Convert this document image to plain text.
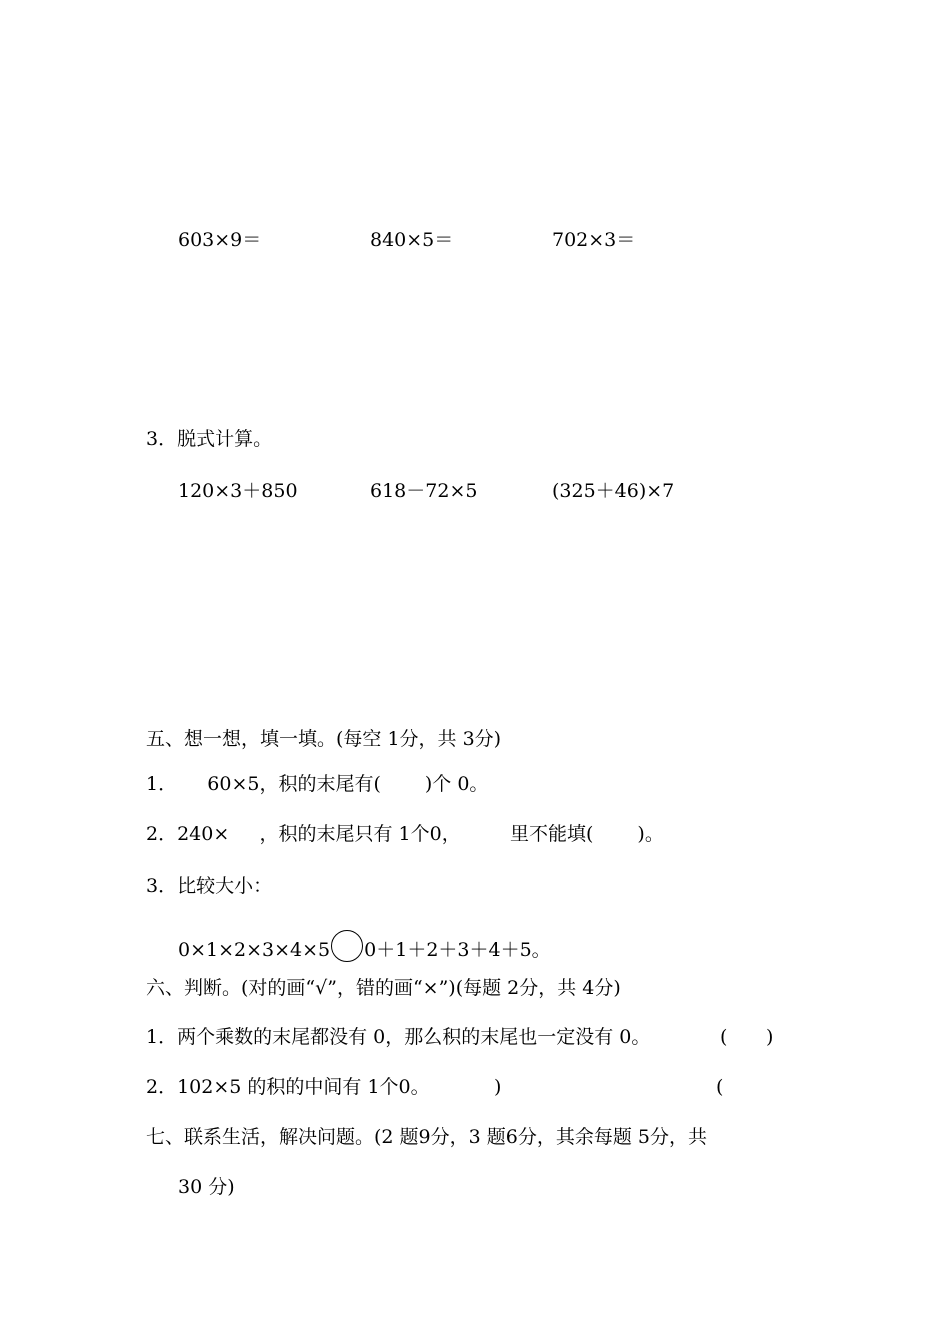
603×9＝	840×5＝	702×3＝
3．脱式计算。
120×3＋850	618－72×5	(325＋46)×7
五、想一想，填一填。(每空 1分，共 3分)
1．     60×5，积的末尾有( )个 0。
2．240×     ，积的末尾只有 1个0，	里不能填( )。
3．比较大小：
0×1×2×3×4×5 0＋1＋2＋3＋4＋5。
六、判断。(对的画“√”，错的画“×”)(每题 2分，共 4分)
1．两个乘数的末尾都没有 0，那么积的末尾也一定没有 0。	( )
2．102×5 的积的中间有 1个0。	)	(
七、联系生活，解决问题。(2 题9分，3 题6分，其余每题 5分，共
30 分)
